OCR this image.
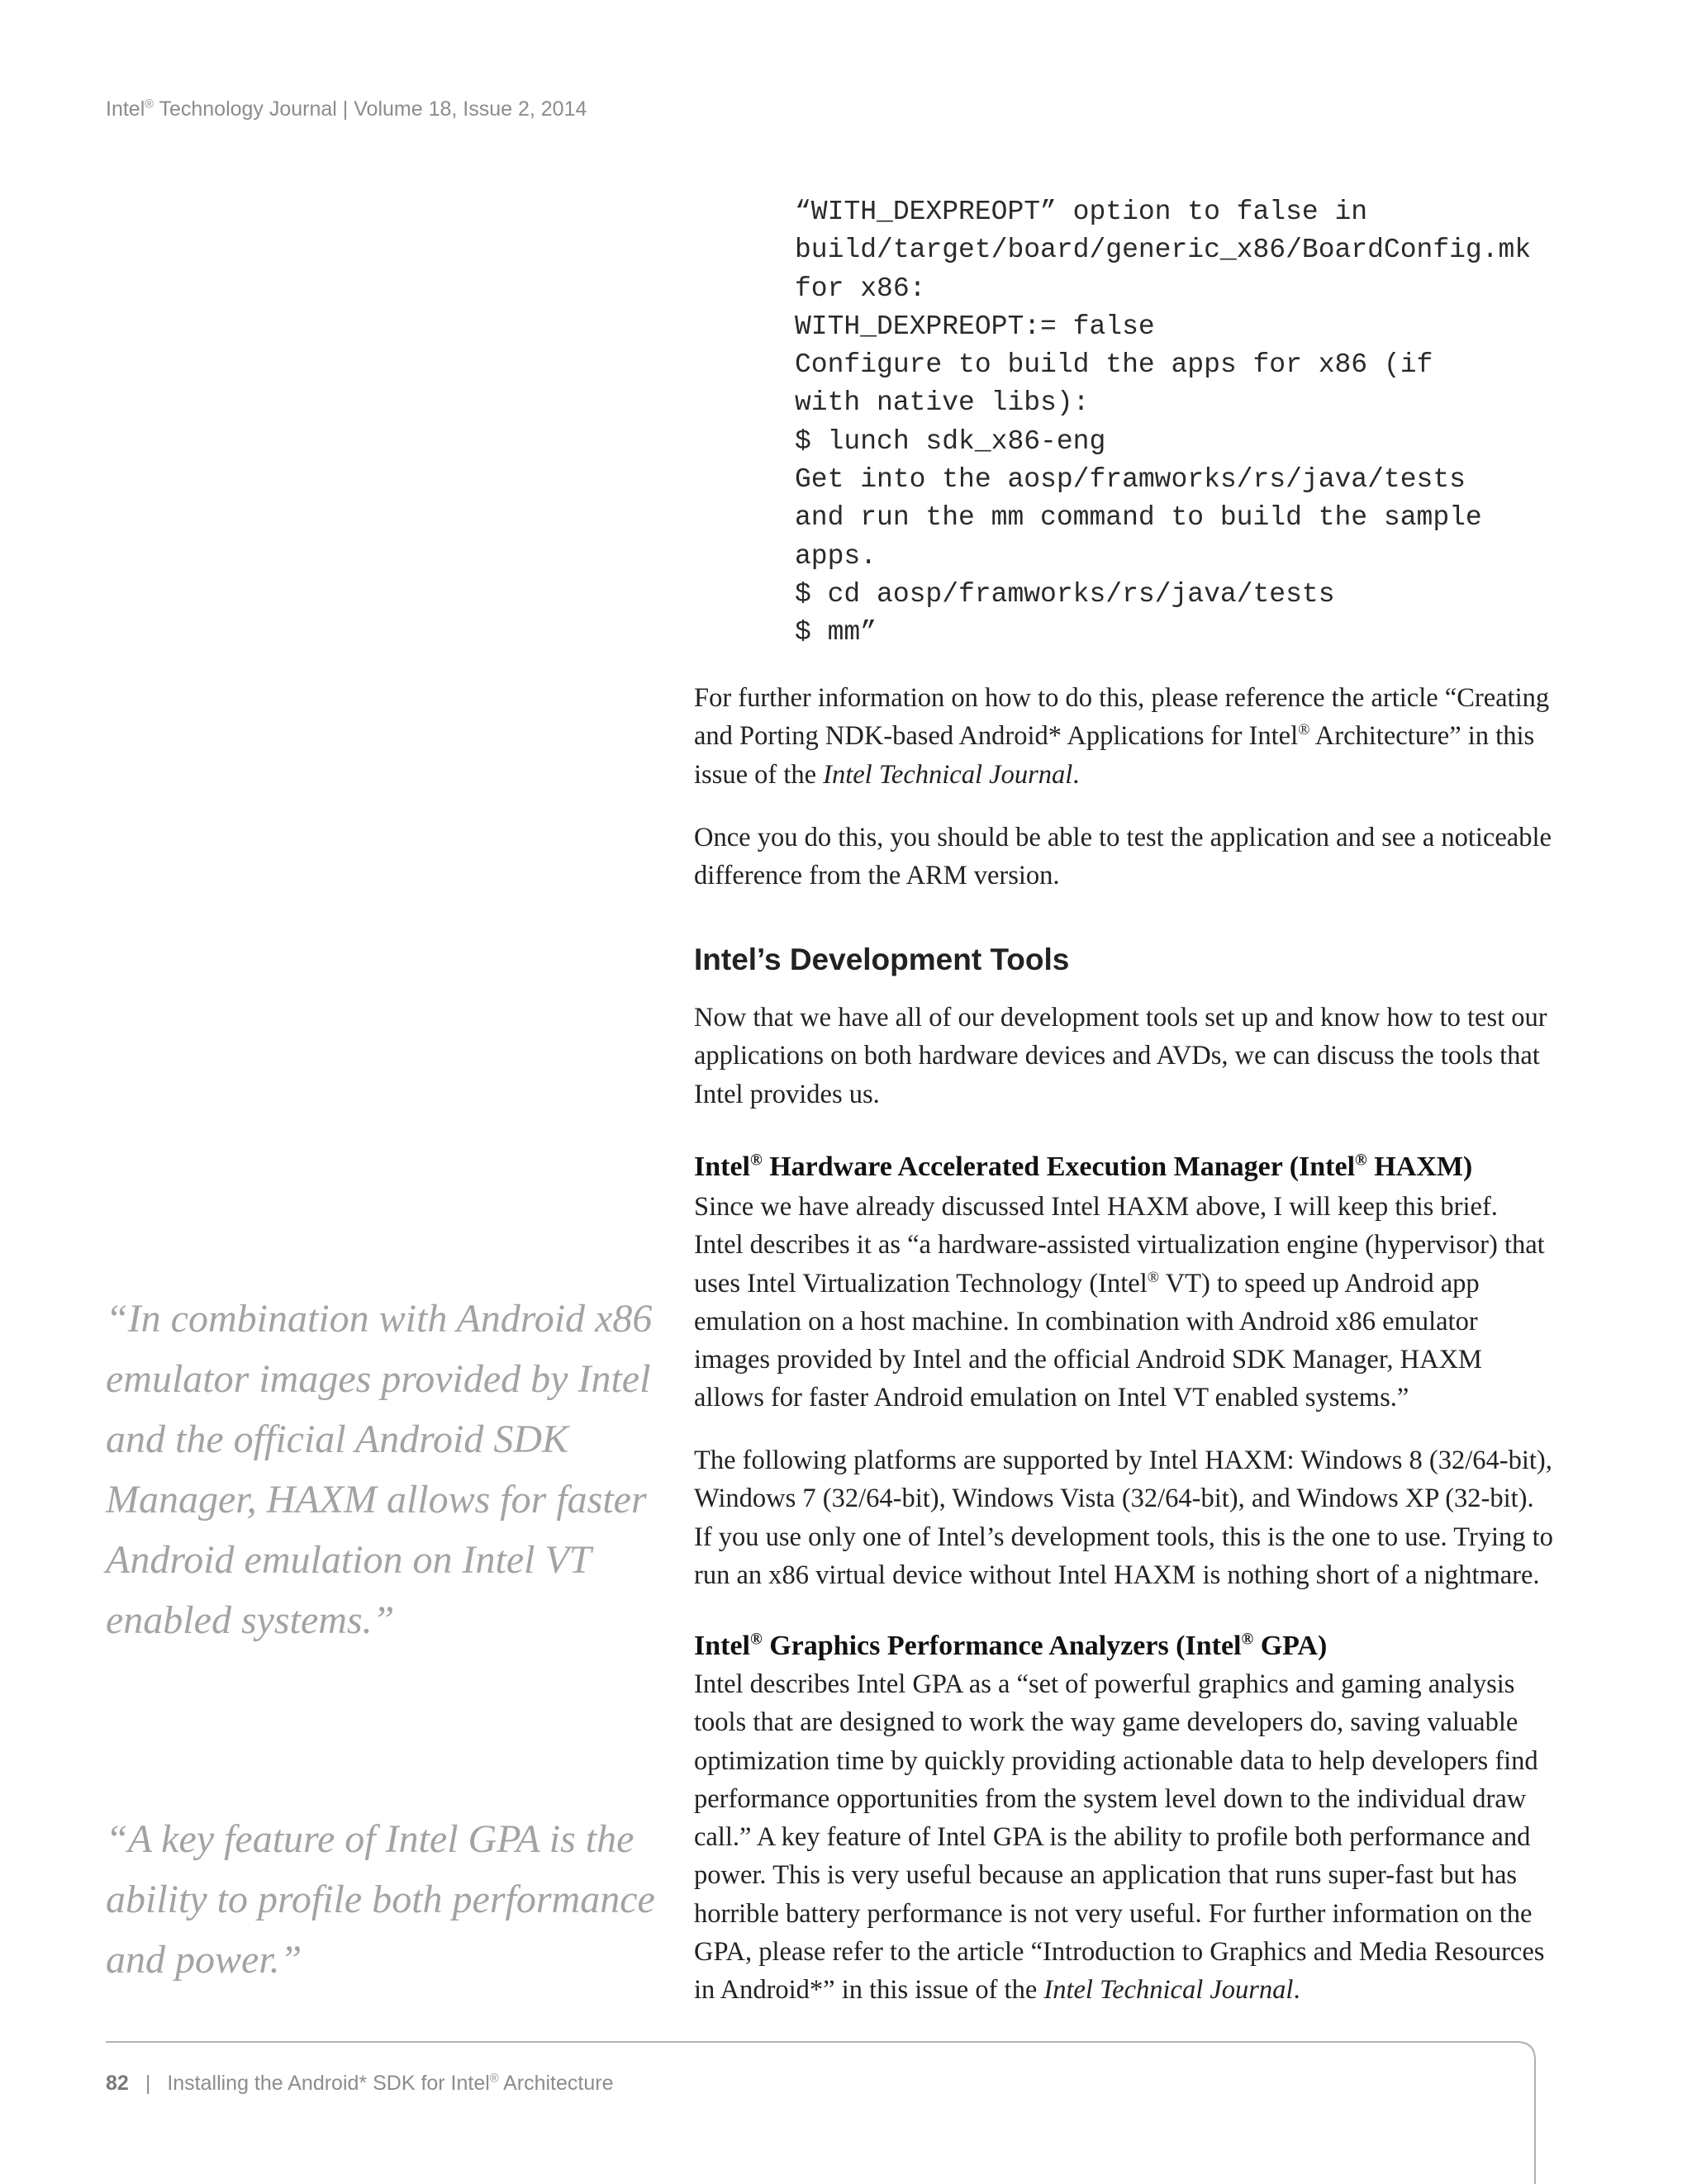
Intel® Technology Journal | Volume 18, Issue 2, 2014
“WITH_DEXPREOPT” option to false in
build/target/board/generic_x86/BoardConfig.mk
for x86:
WITH_DEXPREOPT:= false
Configure to build the apps for x86 (if
with native libs):
$ lunch sdk_x86-eng
Get into the aosp/framworks/rs/java/tests
and run the mm command to build the sample
apps.
$ cd aosp/framworks/rs/java/tests
$ mm”

For further information on how to do this, please reference the article “Creating and Porting NDK-based Android* Applications for Intel® Architecture” in this issue of the Intel Technical Journal.

Once you do this, you should be able to test the application and see a noticeable difference from the ARM version.

Intel’s Development Tools

Now that we have all of our development tools set up and know how to test our applications on both hardware devices and AVDs, we can discuss the tools that Intel provides us.

Intel® Hardware Accelerated Execution Manager (Intel® HAXM)

Since we have already discussed Intel HAXM above, I will keep this brief. Intel describes it as “a hardware-assisted virtualization engine (hypervisor) that uses Intel Virtualization Technology (Intel® VT) to speed up Android app emulation on a host machine. In combination with Android x86 emulator images provided by Intel and the official Android SDK Manager, HAXM allows for faster Android emulation on Intel VT enabled systems.”

The following platforms are supported by Intel HAXM: Windows 8 (32/64-bit), Windows 7 (32/64-bit), Windows Vista (32/64-bit), and Windows XP (32-bit). If you use only one of Intel’s development tools, this is the one to use. Trying to run an x86 virtual device without Intel HAXM is nothing short of a nightmare.

Intel® Graphics Performance Analyzers (Intel® GPA)

Intel describes Intel GPA as a “set of powerful graphics and gaming analysis tools that are designed to work the way game developers do, saving valuable optimization time by quickly providing actionable data to help developers find performance opportunities from the system level down to the individual draw call.” A key feature of Intel GPA is the ability to profile both performance and power. This is very useful because an application that runs super-fast but has horrible battery performance is not very useful. For further information on the GPA, please refer to the article “Introduction to Graphics and Media Resources in Android*” in this issue of the Intel Technical Journal.

“In combination with Android x86 emulator images provided by Intel and the official Android SDK Manager, HAXM allows for faster Android emulation on Intel VT enabled systems.”

“A key feature of Intel GPA is the ability to profile both performance and power.”

82 | Installing the Android* SDK for Intel® Architecture
